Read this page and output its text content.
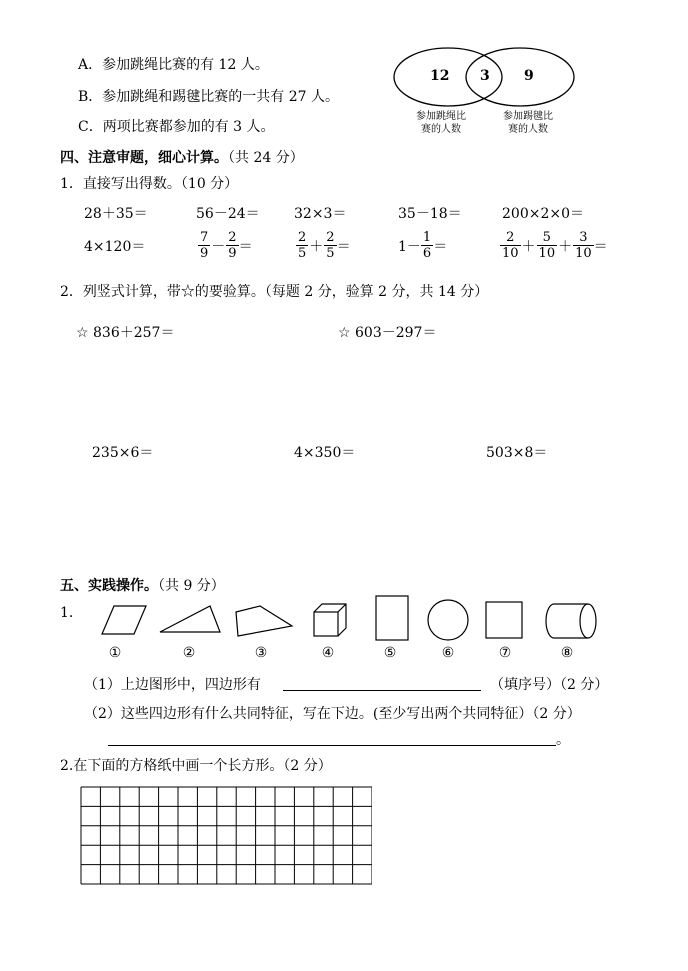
A．参加跳绳比赛的有 12 人。
B．参加跳绳和踢毽比赛的一共有 27 人。
C．两项比赛都参加的有 3 人。
12 3 9
参加跳绳比
赛的人数
参加踢毽比
赛的人数
四、注意审题，细心计算。（共 24 分）
1．直接写出得数。（10 分）
28＋35＝	56－24＝ 32×3＝	35－18＝	200×2×0＝
4×120＝	$\frac{7}{9} - \frac{2}{9}$ ＝	$\frac{2}{5} + \frac{2}{5}$ ＝	$1- \frac{1}{6}$ ＝	$\frac{2}{10} + \frac{5}{10} + \frac{3}{10}$ ＝
2．列竖式计算，带☆的要验算。（每题 2 分，验算 2 分，共 14 分）
☆ 836＋257＝	☆ 603－297＝
235×6＝	4×350＝	503×8＝
五、实践操作。（共 9 分）
1．
①	②	③	④	⑤	⑥	⑦	⑧
（1）上边图形中，四边形有	（填序号）（2 分）
（2）这些四边形有什么共同特征，写在下边。(至少写出两个共同特征）（2 分）
。
2.在下面的方格纸中画一个长方形。（2 分）
